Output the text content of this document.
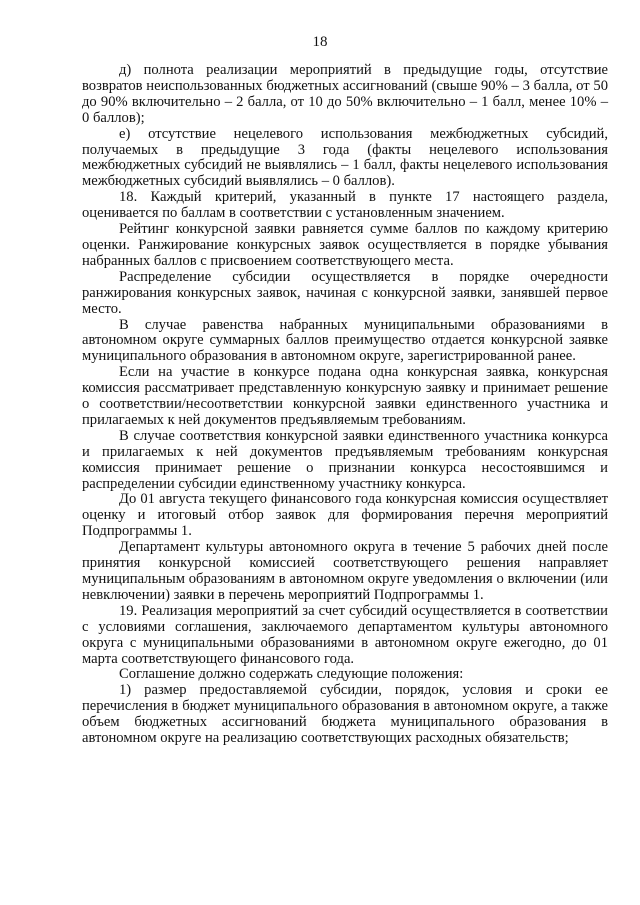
18

д) полнота реализации мероприятий в предыдущие годы, отсутствие возвратов неиспользованных бюджетных ассигнований (свыше 90% – 3 балла, от 50 до 90% включительно – 2 балла, от 10 до 50% включительно – 1 балл, менее 10% – 0 баллов);

е) отсутствие нецелевого использования межбюджетных субсидий, получаемых в предыдущие 3 года (факты нецелевого использования межбюджетных субсидий не выявлялись – 1 балл, факты нецелевого использования межбюджетных субсидий выявлялись – 0 баллов).

18. Каждый критерий, указанный в пункте 17 настоящего раздела, оценивается по баллам в соответствии с установленным значением.

Рейтинг конкурсной заявки равняется сумме баллов по каждому критерию оценки. Ранжирование конкурсных заявок осуществляется в порядке убывания набранных баллов с присвоением соответствующего места.

Распределение субсидии осуществляется в порядке очередности ранжирования конкурсных заявок, начиная с конкурсной заявки, занявшей первое место.

В случае равенства набранных муниципальными образованиями в автономном округе суммарных баллов преимущество отдается конкурсной заявке муниципального образования в автономном округе, зарегистрированной ранее.

Если на участие в конкурсе подана одна конкурсная заявка, конкурсная комиссия рассматривает представленную конкурсную заявку и принимает решение о соответствии/несоответствии конкурсной заявки единственного участника и прилагаемых к ней документов предъявляемым требованиям.

В случае соответствия конкурсной заявки единственного участника конкурса и прилагаемых к ней документов предъявляемым требованиям конкурсная комиссия принимает решение о признании конкурса несостоявшимся и распределении субсидии единственному участнику конкурса.

До 01 августа текущего финансового года конкурсная комиссия осуществляет оценку и итоговый отбор заявок для формирования перечня мероприятий Подпрограммы 1.

Департамент культуры автономного округа в течение 5 рабочих дней после принятия конкурсной комиссией соответствующего решения направляет муниципальным образованиям в автономном округе уведомления о включении (или невключении) заявки в перечень мероприятий Подпрограммы 1.

19. Реализация мероприятий за счет субсидий осуществляется в соответствии с условиями соглашения, заключаемого департаментом культуры автономного округа с муниципальными образованиями в автономном округе ежегодно, до 01 марта соответствующего финансового года.

Соглашение должно содержать следующие положения:

1) размер предоставляемой субсидии, порядок, условия и сроки ее перечисления в бюджет муниципального образования в автономном округе, а также объем бюджетных ассигнований бюджета муниципального образования в автономном округе на реализацию соответствующих расходных обязательств;
